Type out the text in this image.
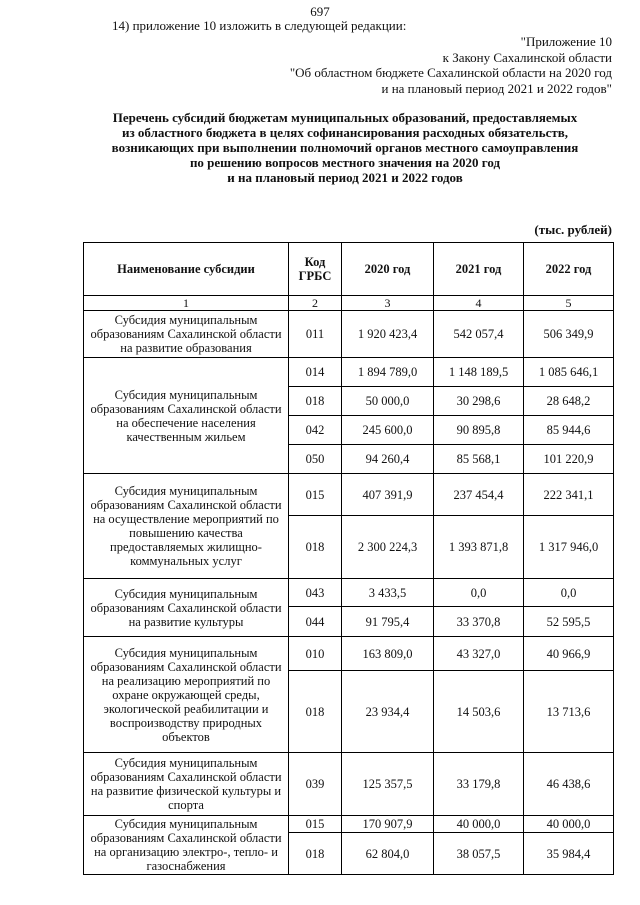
697
14) приложение 10 изложить в следующей редакции:
"Приложение 10
к Закону Сахалинской области
"Об областном бюджете Сахалинской области на 2020 год
и на плановый период 2021 и 2022 годов"
Перечень субсидий бюджетам муниципальных образований, предоставляемых
из областного бюджета в целях софинансирования расходных обязательств,
возникающих при выполнении полномочий органов местного самоуправления
по решению вопросов местного значения на 2020 год
и на плановый период 2021 и 2022 годов
(тыс. рублей)
Наименование субсидии	Код ГРБС	2020 год	2021 год	2022 год
1	2	3	4	5
Субсидия муниципальным образованиям Сахалинской области на развитие образования	011	1 920 423,4	542 057,4	506 349,9
Субсидия муниципальным образованиям Сахалинской области на обеспечение населения качественным жильем	014	1 894 789,0	1 148 189,5	1 085 646,1
	018	50 000,0	30 298,6	28 648,2
	042	245 600,0	90 895,8	85 944,6
	050	94 260,4	85 568,1	101 220,9
Субсидия муниципальным образованиям Сахалинской области на осуществление мероприятий по повышению качества предоставляемых жилищно-коммунальных услуг	015	407 391,9	237 454,4	222 341,1
	018	2 300 224,3	1 393 871,8	1 317 946,0
Субсидия муниципальным образованиям Сахалинской области на развитие культуры	043	3 433,5	0,0	0,0
	044	91 795,4	33 370,8	52 595,5
Субсидия муниципальным образованиям Сахалинской области на реализацию мероприятий по охране окружающей среды, экологической реабилитации и воспроизводству природных объектов	010	163 809,0	43 327,0	40 966,9
	018	23 934,4	14 503,6	13 713,6
Субсидия муниципальным образованиям Сахалинской области на развитие физической культуры и спорта	039	125 357,5	33 179,8	46 438,6
Субсидия муниципальным образованиям Сахалинской области на организацию электро-, тепло- и газоснабжения	015	170 907,9	40 000,0	40 000,0
	018	62 804,0	38 057,5	35 984,4
